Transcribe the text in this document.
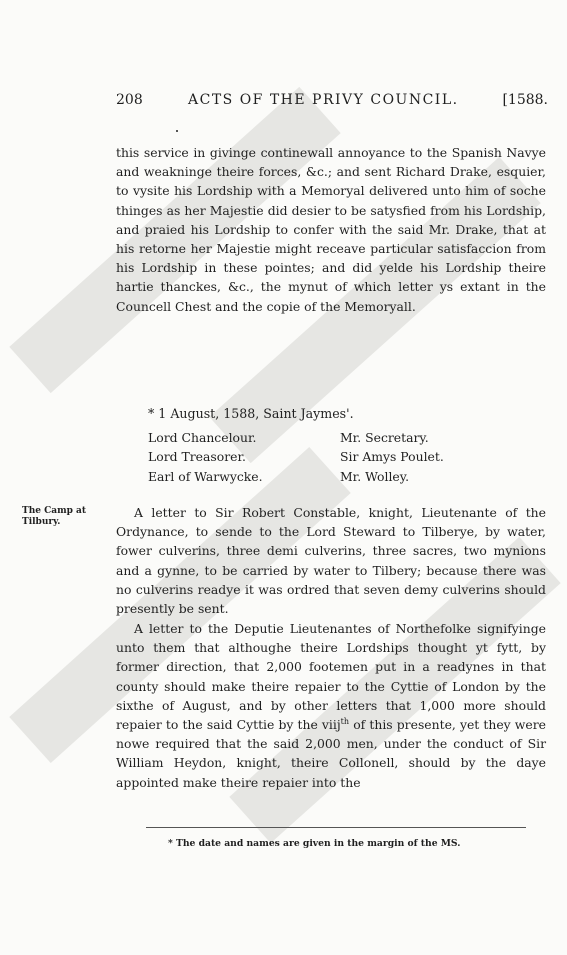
208	ACTS OF THE PRIVY COUNCIL.	[1588.

this service in givinge continewall annoyance to the Spanish Navye and weakninge theire forces, &c.; and sent Richard Drake, esquier, to vysite his Lordship with a Memoryal delivered unto him of soche thinges as her Majestie did desier to be satysfied from his Lordship, and praied his Lordship to confer with the said Mr. Drake, that at his retorne her Majestie might receave particular satisfaccion from his Lordship in these pointes; and did yelde his Lordship theire hartie thanckes, &c., the mynut of which letter ys extant in the Councell Chest and the copie of the Memoryall.

* 1 August, 1588, Saint Jaymes'.
Lord Chancelour.	Mr. Secretary.
Lord Treasorer.	Sir Amys Poulet.
Earl of Warwycke.	Mr. Wolley.
The Camp at Tilbury.

A letter to Sir Robert Constable, knight, Lieutenante of the Ordynance, to sende to the Lord Steward to Tilberye, by water, fower culverins, three demi culverins, three sacres, two mynions and a gynne, to be carried by water to Tilbery; because there was no culverins readye it was ordred that seven demy culverins should presently be sent.

A letter to the Deputie Lieutenantes of Northefolke signifyinge unto them that althoughe theire Lordships thought yt fytt, by former direction, that 2,000 footemen put in a readynes in that county should make theire repaier to the Cyttie of London by the sixthe of August, and by other letters that 1,000 more should repaier to the said Cyttie by the viij$^{th}$ of this presente, yet they were nowe required that the said 2,000 men, under the conduct of Sir William Heydon, knight, theire Collonell, should by the daye appointed make theire repaier into the

* The date and names are given in the margin of the MS.
